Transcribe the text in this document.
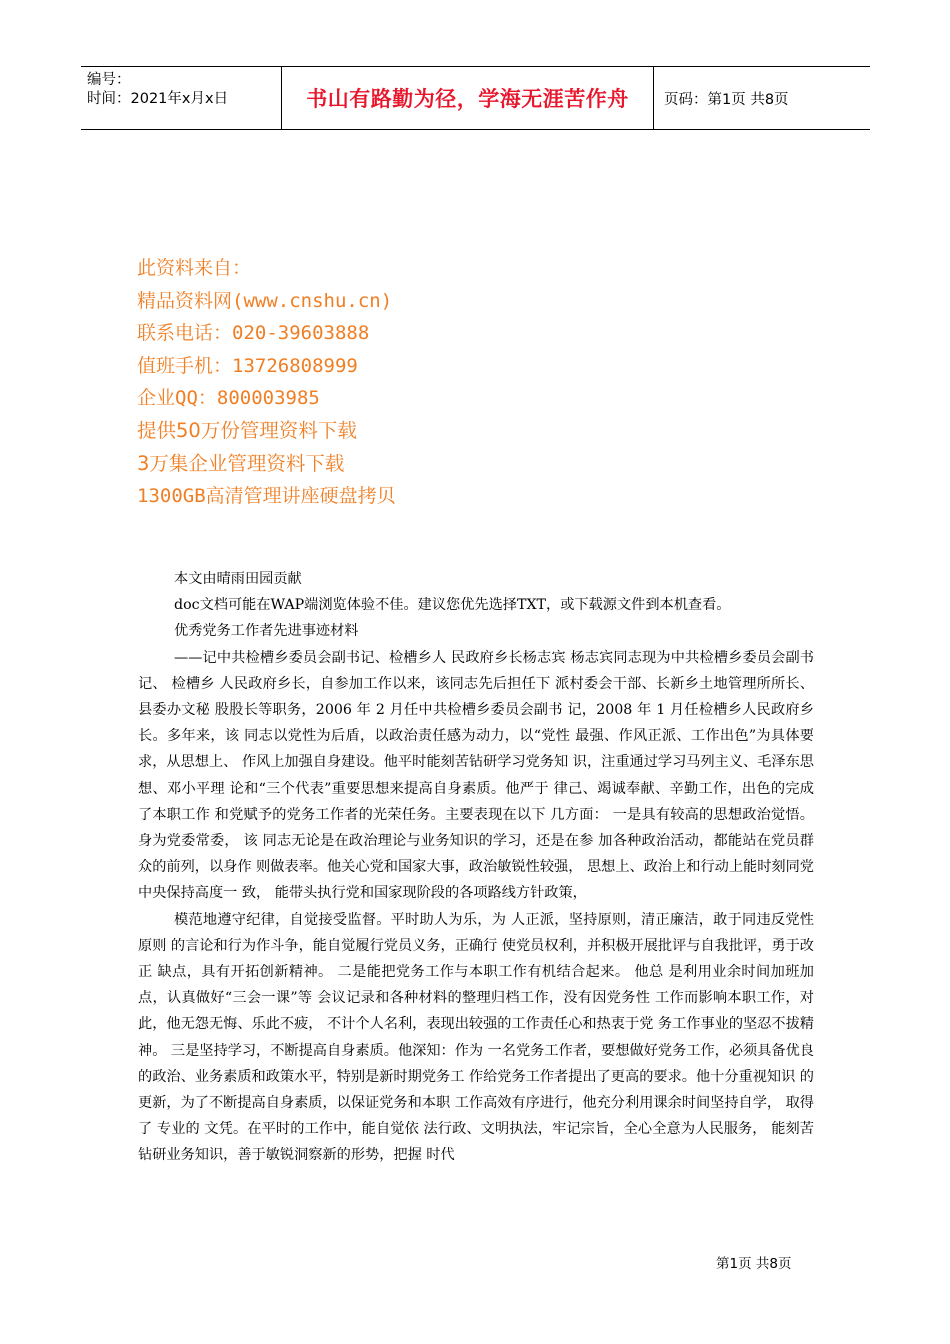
编号：
时间：2021年x月x日	书山有路勤为径，学海无涯苦作舟 页码：第1页 共8页
此资料来自：
精品资料网(www.cnshu.cn)
联系电话：020-39603888
值班手机：13726808999
企业QQ：800003985
提供50万份管理资料下载
3万集企业管理资料下载
1300GB高清管理讲座硬盘拷贝

本文由晴雨田园贡献

doc文档可能在WAP端浏览体验不佳。建议您优先选择TXT，或下载源文件到本机查看。

优秀党务工作者先进事迹材料

——记中共检槽乡委员会副书记、检槽乡人 民政府乡长杨志宾 杨志宾同志现为中共检槽乡委员会副书记、 检槽乡 人民政府乡长，自参加工作以来，该同志先后担任下 派村委会干部、长新乡土地管理所所长、县委办文秘 股股长等职务，2006 年 2 月任中共检槽乡委员会副书 记，2008 年 1 月任检槽乡人民政府乡长。多年来，该 同志以党性为后盾，以政治责任感为动力，以“党性 最强、作风正派、工作出色”为具体要求，从思想上、 作风上加强自身建设。他平时能刻苦钻研学习党务知 识，注重通过学习马列主义、毛泽东思想、邓小平理 论和“三个代表”重要思想来提高自身素质。他严于 律己、竭诚奉献、辛勤工作，出色的完成了本职工作 和党赋予的党务工作者的光荣任务。主要表现在以下 几方面： 一是具有较高的思想政治觉悟。 身为党委常委， 该 同志无论是在政治理论与业务知识的学习，还是在参 加各种政治活动，都能站在党员群众的前列，以身作 则做表率。他关心党和国家大事，政治敏锐性较强， 思想上、政治上和行动上能时刻同党中央保持高度一 致， 能带头执行党和国家现阶段的各项路线方针政策，

模范地遵守纪律，自觉接受监督。平时助人为乐，为 人正派，坚持原则，清正廉洁，敢于同违反党性原则 的言论和行为作斗争，能自觉履行党员义务，正确行 使党员权利，并积极开展批评与自我批评，勇于改正 缺点，具有开拓创新精神。 二是能把党务工作与本职工作有机结合起来。 他总 是利用业余时间加班加点，认真做好“三会一课”等 会议记录和各种材料的整理归档工作，没有因党务性 工作而影响本职工作，对此，他无怨无悔、乐此不疲， 不计个人名利，表现出较强的工作责任心和热衷于党 务工作事业的坚忍不拔精神。 三是坚持学习，不断提高自身素质。他深知：作为 一名党务工作者，要想做好党务工作，必须具备优良 的政治、业务素质和政策水平，特别是新时期党务工 作给党务工作者提出了更高的要求。他十分重视知识 的更新，为了不断提高自身素质，以保证党务和本职 工作高效有序进行，他充分利用课余时间坚持自学， 取得了 专业的 文凭。在平时的工作中，能自觉依 法行政、文明执法，牢记宗旨，全心全意为人民服务， 能刻苦钻研业务知识，善于敏锐洞察新的形势，把握 时代

第1页 共8页
